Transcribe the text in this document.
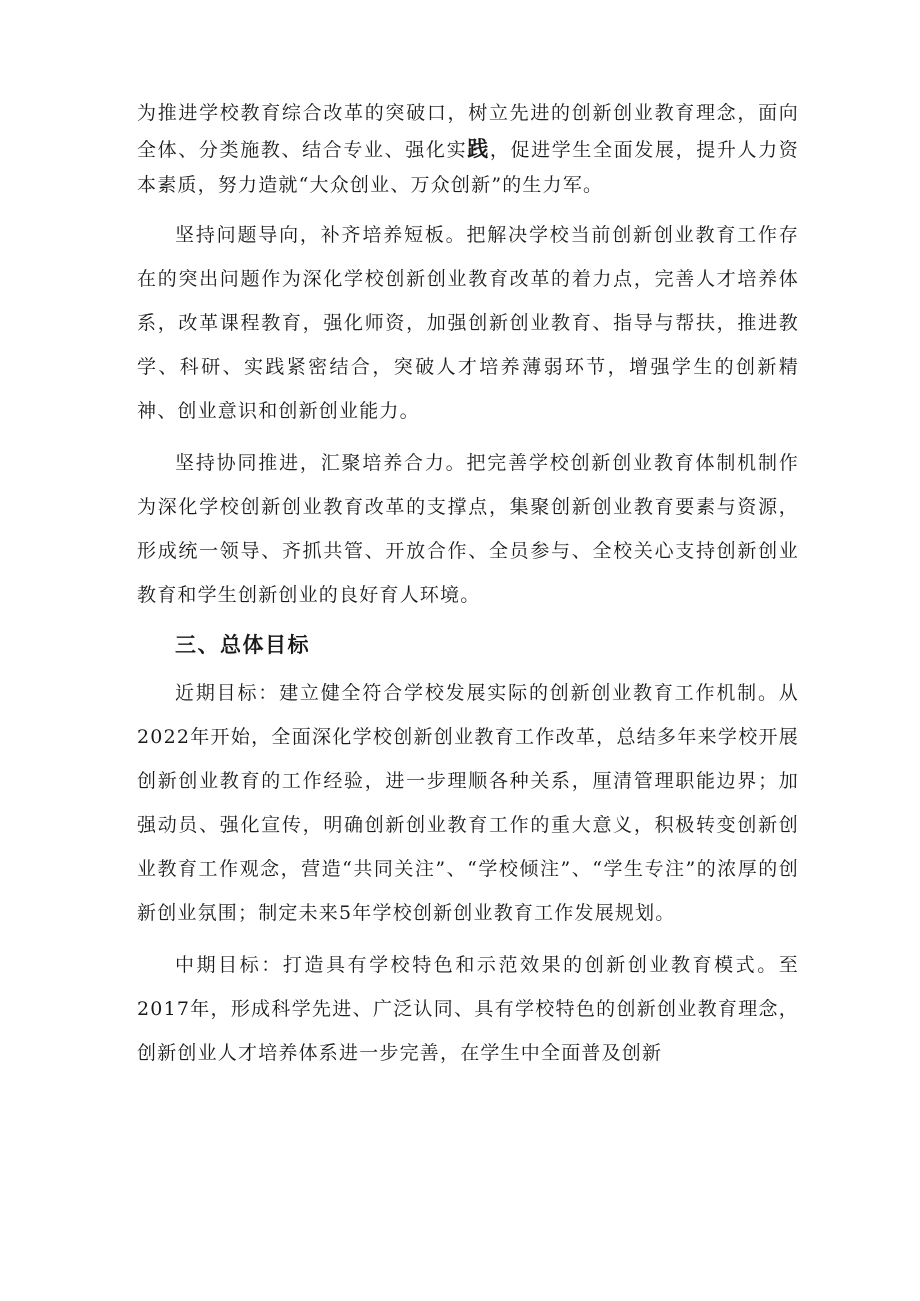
为推进学校教育综合改革的突破口，树立先进的创新创业教育理念，面向全体、分类施教、结合专业、强化实践，促进学生全面发展，提升人力资本素质，努力造就“大众创业、万众创新”的生力军。

坚持问题导向，补齐培养短板。把解决学校当前创新创业教育工作存在的突出问题作为深化学校创新创业教育改革的着力点，完善人才培养体系，改革课程教育，强化师资，加强创新创业教育、指导与帮扶，推进教学、科研、实践紧密结合，突破人才培养薄弱环节，增强学生的创新精神、创业意识和创新创业能力。

坚持协同推进，汇聚培养合力。把完善学校创新创业教育体制机制作为深化学校创新创业教育改革的支撑点，集聚创新创业教育要素与资源，形成统一领导、齐抓共管、开放合作、全员参与、全校关心支持创新创业教育和学生创新创业的良好育人环境。

三、总体目标

近期目标：建立健全符合学校发展实际的创新创业教育工作机制。从2022年开始，全面深化学校创新创业教育工作改革，总结多年来学校开展创新创业教育的工作经验，进一步理顺各种关系，厘清管理职能边界；加强动员、强化宣传，明确创新创业教育工作的重大意义，积极转变创新创业教育工作观念，营造“共同关注”、“学校倾注”、“学生专注”的浓厚的创新创业氛围；制定未来5年学校创新创业教育工作发展规划。

中期目标：打造具有学校特色和示范效果的创新创业教育模式。至2017年，形成科学先进、广泛认同、具有学校特色的创新创业教育理念，创新创业人才培养体系进一步完善，在学生中全面普及创新
